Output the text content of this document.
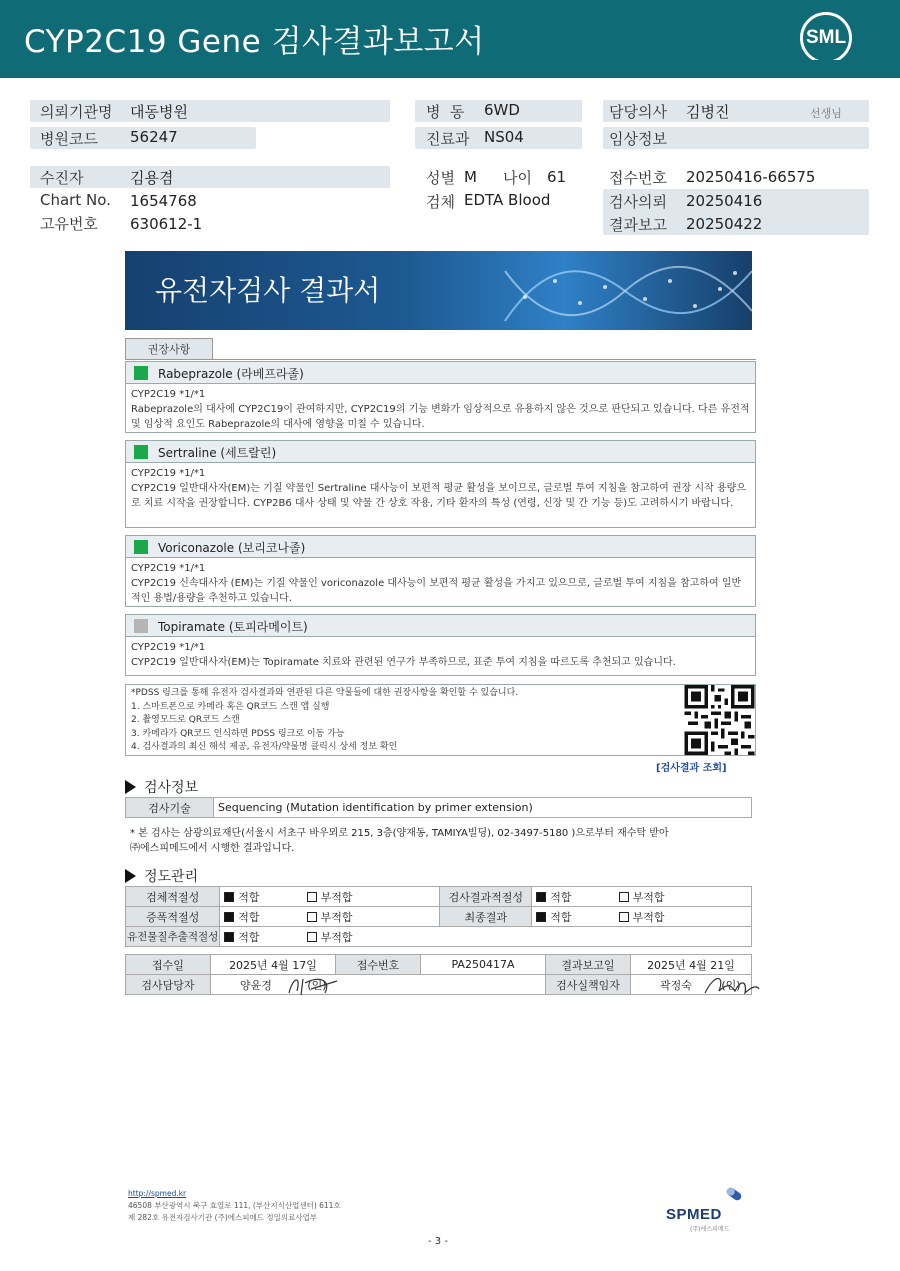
CYP2C19 Gene 검사결과보고서	SML
의뢰기관명 대동병원
병원코드 56247
병  동 6WD
진료과 NS04
담당의사 김병진	선생님
임상정보
수진자	김용겸
Chart No. 1654768
고유번호 630612-1
성별 M 나이 61
검체 EDTA Blood
접수번호 20250416-66575
검사의뢰 20250416
결과보고 20250422
유전자검사 결과서
권장사항
Rabeprazole (라베프라졸)
CYP2C19 *1/*1
Rabeprazole의 대사에 CYP2C19이 관여하지만, CYP2C19의 기능 변화가 임상적으로 유용하지 않은 것으로 판단되고 있습니다. 다른 유전적 및 임상적 요인도 Rabeprazole의 대사에 영향을 미칠 수 있습니다.
Sertraline (세트랄린)
CYP2C19 *1/*1
CYP2C19 일반대사자(EM)는 기질 약물인 Sertraline 대사능이 보편적 평균 활성을 보이므로, 글로벌 투여 지침을 참고하여 권장 시작 용량으로 치료 시작을 권장합니다. CYP2B6 대사 상태 및 약물 간 상호 작용, 기타 환자의 특성 (연령, 신장 및 간 기능 등)도 고려하시기 바랍니다.
Voriconazole (보리코나졸)
CYP2C19 *1/*1
CYP2C19 신속대사자 (EM)는 기질 약물인 voriconazole 대사능이 보편적 평균 활성을 가지고 있으므로, 글로벌 투여 지침을 참고하여 일반적인 용법/용량을 추천하고 있습니다.
Topiramate (토피라메이트)
CYP2C19 *1/*1
CYP2C19 일반대사자(EM)는 Topiramate 치료와 관련된 연구가 부족하므로, 표준 투여 지침을 따르도록 추천되고 있습니다.
*PDSS 링크를 통해 유전자 검사결과와 연관된 다른 약물들에 대한 권장사항을 확인할 수 있습니다.
1. 스마트폰으로 카메라 혹은 QR코드 스캔 앱 실행
2. 촬영모드로 QR코드 스캔
3. 카메라가 QR코드 인식하면 PDSS 링크로 이동 가능
4. 검사결과의 최신 해석 제공, 유전자/약물명 클릭시 상세 정보 확인
[검사결과 조회]
검사정보
검사기술	Sequencing (Mutation identification by primer extension)
* 본 검사는 삼광의료재단(서울시 서초구 바우뫼로 215, 3층(양재동, TAMIYA빌딩), 02-3497-5180 )으로부터 재수탁 받아
㈜에스피메드에서 시행한 결과입니다.
정도관리
검체적절성	적합 부적합	검사결과적절성	적합 부적합
증폭적절성	적합 부적합	최종결과	적합 부적합
유전물질추출적절성	적합 부적합		
접수일	2025년 4월 17일	접수번호	PA250417A	결과보고일	2025년 4월 21일
검사담당자	양윤경 (인)			검사실책임자	곽정숙 (인)
http://spmed.kr
46508 부산광역시 북구 효열로 111, (부산지식산업센터) 611호
제 282호 유전자검사기관 (주)에스피메드 정밀의료사업부	SPMED
(주)에스피메드
- 3 -
